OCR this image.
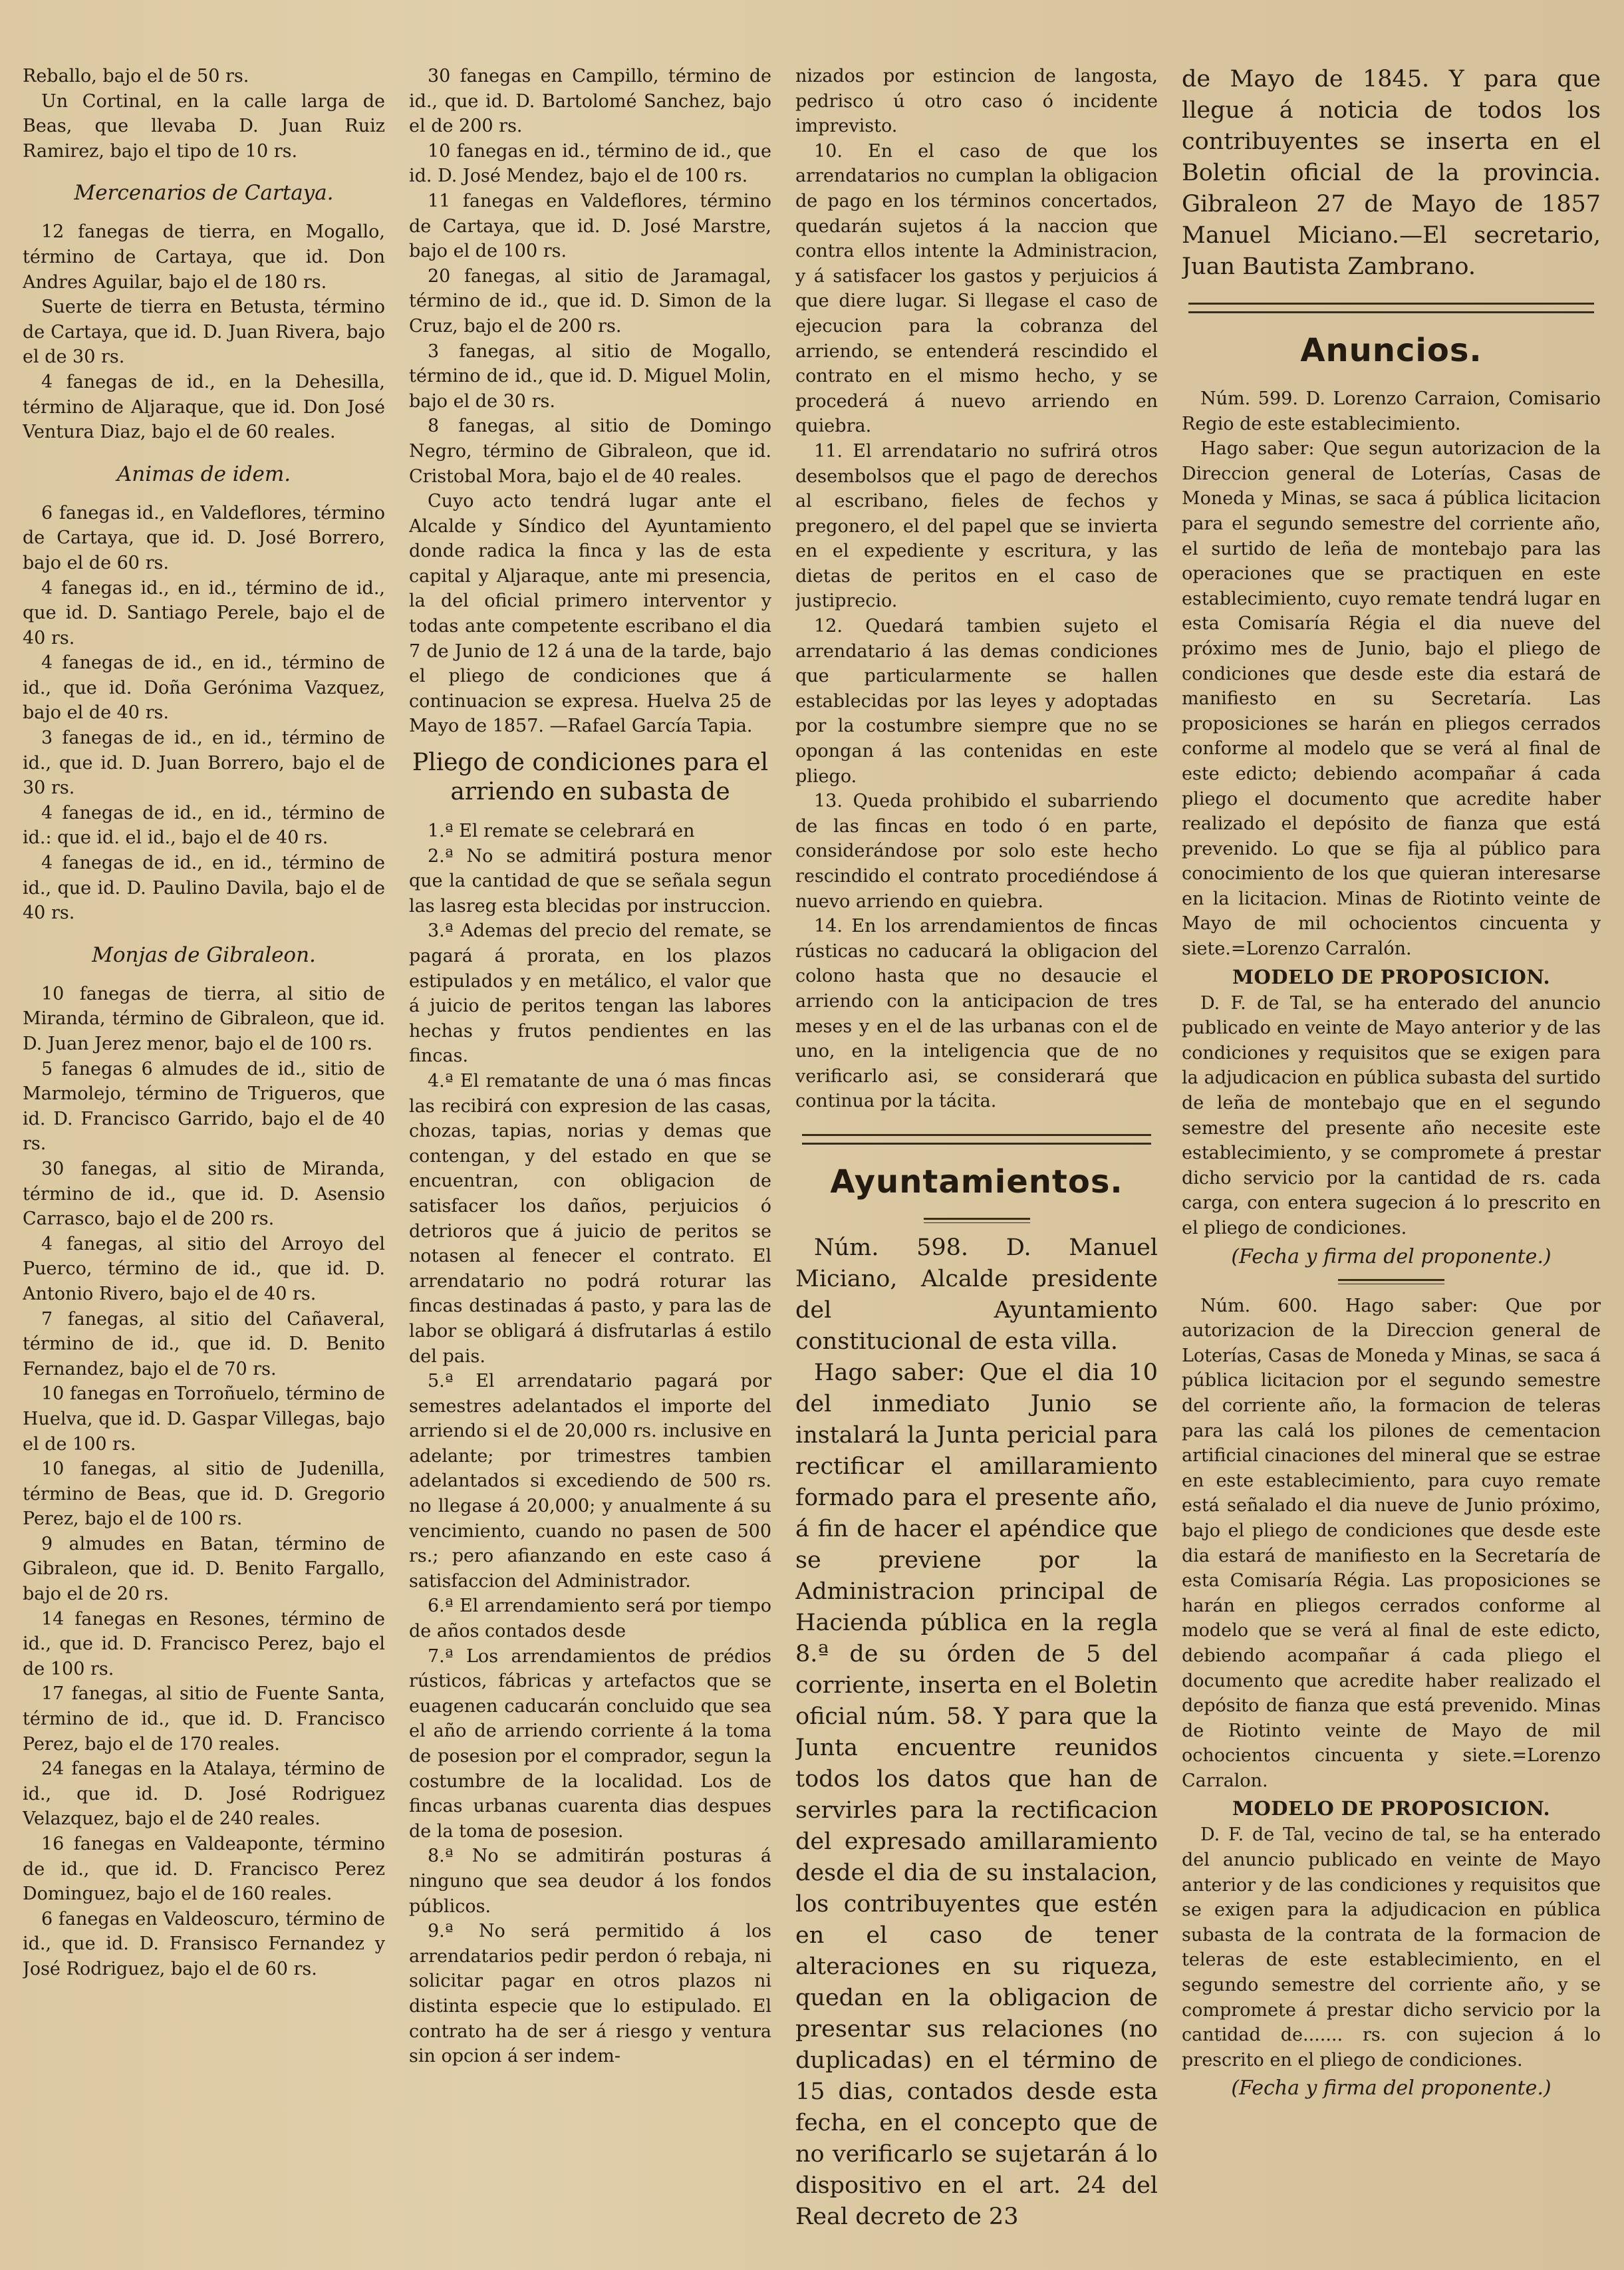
Reballo, bajo el de 50 rs.

Un Cortinal, en la calle larga de Beas, que llevaba D. Juan Ruiz Ramirez, bajo el tipo de 10 rs.

Mercenarios de Cartaya.

12 fanegas de tierra, en Mogallo, término de Cartaya, que id. Don Andres Aguilar, bajo el de 180 rs.

Suerte de tierra en Betusta, término de Cartaya, que id. D. Juan Rivera, bajo el de 30 rs.

4 fanegas de id., en la Dehesilla, término de Aljaraque, que id. Don José Ventura Diaz, bajo el de 60 reales.

Animas de idem.

6 fanegas id., en Valdeflores, término de Cartaya, que id. D. José Borrero, bajo el de 60 rs.

4 fanegas id., en id., término de id., que id. D. Santiago Perele, bajo el de 40 rs.

4 fanegas de id., en id., término de id., que id. Doña Gerónima Vazquez, bajo el de 40 rs.

3 fanegas de id., en id., término de id., que id. D. Juan Borrero, bajo el de 30 rs.

4 fanegas de id., en id., término de id.: que id. el id., bajo el de 40 rs.

4 fanegas de id., en id., término de id., que id. D. Paulino Davila, bajo el de 40 rs.

Monjas de Gibraleon.

10 fanegas de tierra, al sitio de Miranda, término de Gibraleon, que id. D. Juan Jerez menor, bajo el de 100 rs.

5 fanegas 6 almudes de id., sitio de Marmolejo, término de Trigueros, que id. D. Francisco Garrido, bajo el de 40 rs.

30 fanegas, al sitio de Miranda, término de id., que id. D. Asensio Carrasco, bajo el de 200 rs.

4 fanegas, al sitio del Arroyo del Puerco, término de id., que id. D. Antonio Rivero, bajo el de 40 rs.

7 fanegas, al sitio del Cañaveral, término de id., que id. D. Benito Fernandez, bajo el de 70 rs.

10 fanegas en Torroñuelo, término de Huelva, que id. D. Gaspar Villegas, bajo el de 100 rs.

10 fanegas, al sitio de Judenilla, término de Beas, que id. D. Gregorio Perez, bajo el de 100 rs.

9 almudes en Batan, término de Gibraleon, que id. D. Benito Fargallo, bajo el de 20 rs.

14 fanegas en Resones, término de id., que id. D. Francisco Perez, bajo el de 100 rs.

17 fanegas, al sitio de Fuente Santa, término de id., que id. D. Francisco Perez, bajo el de 170 reales.

24 fanegas en la Atalaya, término de id., que id. D. José Rodriguez Velazquez, bajo el de 240 reales.

16 fanegas en Valdeaponte, término de id., que id. D. Francisco Perez Dominguez, bajo el de 160 reales.

6 fanegas en Valdeoscuro, término de id., que id. D. Fransisco Fernandez y José Rodriguez, bajo el de 60 rs.

30 fanegas en Campillo, término de id., que id. D. Bartolomé Sanchez, bajo el de 200 rs.

10 fanegas en id., término de id., que id. D. José Mendez, bajo el de 100 rs.

11 fanegas en Valdeflores, término de Cartaya, que id. D. José Marstre, bajo el de 100 rs.

20 fanegas, al sitio de Jaramagal, término de id., que id. D. Simon de la Cruz, bajo el de 200 rs.

3 fanegas, al sitio de Mogallo, término de id., que id. D. Miguel Molin, bajo el de 30 rs.

8 fanegas, al sitio de Domingo Negro, término de Gibraleon, que id. Cristobal Mora, bajo el de 40 reales.

Cuyo acto tendrá lugar ante el Alcalde y Síndico del Ayuntamiento donde radica la finca y las de esta capital y Aljaraque, ante mi presencia, la del oficial primero interventor y todas ante competente escribano el dia 7 de Junio de 12 á una de la tarde, bajo el pliego de condiciones que á continuacion se expresa. Huelva 25 de Mayo de 1857. —Rafael García Tapia.

Pliego de condiciones para el arriendo en subasta de

1.ª El remate se celebrará en

2.ª No se admitirá postura menor que la cantidad de que se señala segun las lasreg esta blecidas por instruccion.

3.ª Ademas del precio del remate, se pagará á prorata, en los plazos estipulados y en metálico, el valor que á juicio de peritos tengan las labores hechas y frutos pendientes en las fincas.

4.ª El rematante de una ó mas fincas las recibirá con expresion de las casas, chozas, tapias, norias y demas que contengan, y del estado en que se encuentran, con obligacion de satisfacer los daños, perjuicios ó detrioros que á juicio de peritos se notasen al fenecer el contrato. El arrendatario no podrá roturar las fincas destinadas á pasto, y para las de labor se obligará á disfrutarlas á estilo del pais.

5.ª El arrendatario pagará por semestres adelantados el importe del arriendo si el de 20,000 rs. inclusive en adelante; por trimestres tambien adelantados si excediendo de 500 rs. no llegase á 20,000; y anualmente á su vencimiento, cuando no pasen de 500 rs.; pero afianzando en este caso á satisfaccion del Administrador.

6.ª El arrendamiento será por tiempo de años contados desde

7.ª Los arrendamientos de prédios rústicos, fábricas y artefactos que se euagenen caducarán concluido que sea el año de arriendo corriente á la toma de posesion por el comprador, segun la costumbre de la localidad. Los de fincas urbanas cuarenta dias despues de la toma de posesion.

8.ª No se admitirán posturas á ninguno que sea deudor á los fondos públicos.

9.ª No será permitido á los arrendatarios pedir perdon ó rebaja, ni solicitar pagar en otros plazos ni distinta especie que lo estipulado. El contrato ha de ser á riesgo y ventura sin opcion á ser indem-

nizados por estincion de langosta, pedrisco ú otro caso ó incidente imprevisto.

10. En el caso de que los arrendatarios no cumplan la obligacion de pago en los términos concertados, quedarán sujetos á la naccion que contra ellos intente la Administracion, y á satisfacer los gastos y perjuicios á que diere lugar. Si llegase el caso de ejecucion para la cobranza del arriendo, se entenderá rescindido el contrato en el mismo hecho, y se procederá á nuevo arriendo en quiebra.

11. El arrendatario no sufrirá otros desembolsos que el pago de derechos al escribano, fieles de fechos y pregonero, el del papel que se invierta en el expediente y escritura, y las dietas de peritos en el caso de justiprecio.

12. Quedará tambien sujeto el arrendatario á las demas condiciones que particularmente se hallen establecidas por las leyes y adoptadas por la costumbre siempre que no se opongan á las contenidas en este pliego.

13. Queda prohibido el subarriendo de las fincas en todo ó en parte, considerándose por solo este hecho rescindido el contrato procediéndose á nuevo arriendo en quiebra.

14. En los arrendamientos de fincas rústicas no caducará la obligacion del colono hasta que no desaucie el arriendo con la anticipacion de tres meses y en el de las urbanas con el de uno, en la inteligencia que de no verificarlo asi, se considerará que continua por la tácita.

Ayuntamientos.

Núm. 598. D. Manuel Miciano, Alcalde presidente del Ayuntamiento constitucional de esta villa.

Hago saber: Que el dia 10 del inmediato Junio se instalará la Junta pericial para rectificar el amillaramiento formado para el presente año, á fin de hacer el apéndice que se previene por la Administracion principal de Hacienda pública en la regla 8.ª de su órden de 5 del corriente, inserta en el Boletin oficial núm. 58. Y para que la Junta encuentre reunidos todos los datos que han de servirles para la rectificacion del expresado amillaramiento desde el dia de su instalacion, los contribuyentes que estén en el caso de tener alteraciones en su riqueza, quedan en la obligacion de presentar sus relaciones (no duplicadas) en el término de 15 dias, contados desde esta fecha, en el concepto que de no verificarlo se sujetarán á lo dispositivo en el art. 24 del Real decreto de 23

de Mayo de 1845. Y para que llegue á noticia de todos los contribuyentes se inserta en el Boletin oficial de la provincia. Gibraleon 27 de Mayo de 1857 Manuel Miciano.—El secretario, Juan Bautista Zambrano.

Anuncios.

Núm. 599. D. Lorenzo Carraion, Comisario Regio de este establecimiento.

Hago saber: Que segun autorizacion de la Direccion general de Loterías, Casas de Moneda y Minas, se saca á pública licitacion para el segundo semestre del corriente año, el surtido de leña de montebajo para las operaciones que se practiquen en este establecimiento, cuyo remate tendrá lugar en esta Comisaría Régia el dia nueve del próximo mes de Junio, bajo el pliego de condiciones que desde este dia estará de manifiesto en su Secretaría. Las proposiciones se harán en pliegos cerrados conforme al modelo que se verá al final de este edicto; debiendo acompañar á cada pliego el documento que acredite haber realizado el depósito de fianza que está prevenido. Lo que se fija al público para conocimiento de los que quieran interesarse en la licitacion. Minas de Riotinto veinte de Mayo de mil ochocientos cincuenta y siete.=Lorenzo Carralón.

MODELO DE PROPOSICION.

D. F. de Tal, se ha enterado del anuncio publicado en veinte de Mayo anterior y de las condiciones y requisitos que se exigen para la adjudicacion en pública subasta del surtido de leña de montebajo que en el segundo semestre del presente año necesite este establecimiento, y se compromete á prestar dicho servicio por la cantidad de rs. cada carga, con entera sugecion á lo prescrito en el pliego de condiciones.

(Fecha y firma del proponente.)

Núm. 600. Hago saber: Que por autorizacion de la Direccion general de Loterías, Casas de Moneda y Minas, se saca á pública licitacion por el segundo semestre del corriente año, la formacion de teleras para las calá los pilones de cementacion artificial cinaciones del mineral que se estrae en este establecimiento, para cuyo remate está señalado el dia nueve de Junio próximo, bajo el pliego de condiciones que desde este dia estará de manifiesto en la Secretaría de esta Comisaría Régia. Las proposiciones se harán en pliegos cerrados conforme al modelo que se verá al final de este edicto, debiendo acompañar á cada pliego el documento que acredite haber realizado el depósito de fianza que está prevenido. Minas de Riotinto veinte de Mayo de mil ochocientos cincuenta y siete.=Lorenzo Carralon.

MODELO DE PROPOSICION.

D. F. de Tal, vecino de tal, se ha enterado del anuncio publicado en veinte de Mayo anterior y de las condiciones y requisitos que se exigen para la adjudicacion en pública subasta de la contrata de la formacion de teleras de este establecimiento, en el segundo semestre del corriente año, y se compromete á prestar dicho servicio por la cantidad de....... rs. con sujecion á lo prescrito en el pliego de condiciones.

(Fecha y firma del proponente.)
